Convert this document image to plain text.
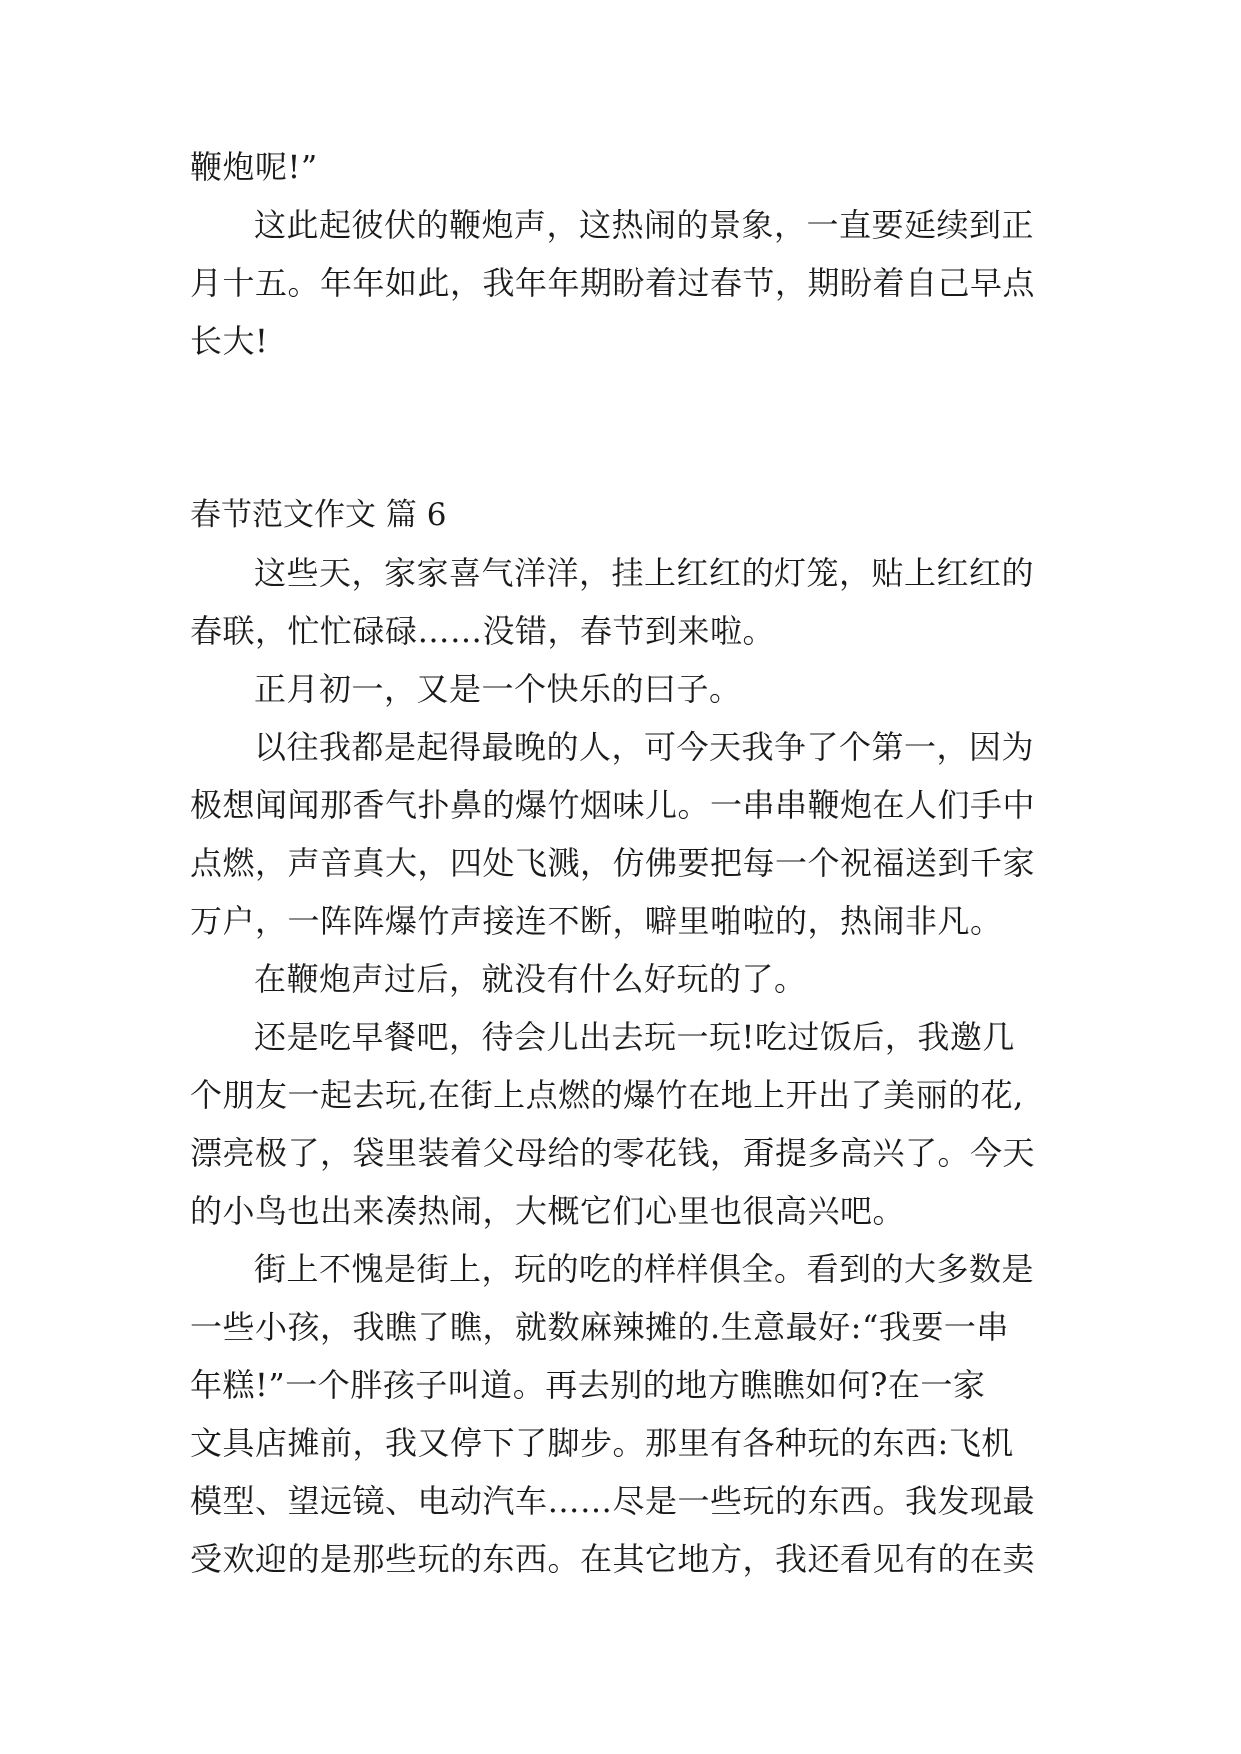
鞭炮呢!”
这此起彼伏的鞭炮声，这热闹的景象，一直要延续到正
月十五。年年如此，我年年期盼着过春节，期盼着自己早点
长大!
春节范文作文 篇 6
这些天，家家喜气洋洋，挂上红红的灯笼，贴上红红的
春联，忙忙碌碌……没错，春节到来啦。
正月初一，又是一个快乐的曰子。
以往我都是起得最晚的人，可今天我争了个第一，因为
极想闻闻那香气扑鼻的爆竹烟味儿。一串串鞭炮在人们手中
点燃，声音真大，四处飞溅，仿佛要把每一个祝福送到千家
万户，一阵阵爆竹声接连不断，噼里啪啦的，热闹非凡。
在鞭炮声过后，就没有什么好玩的了。
还是吃早餐吧，待会儿出去玩一玩!吃过饭后，我邀几
个朋友一起去玩,在街上点燃的爆竹在地上开出了美丽的花,
漂亮极了，袋里装着父母给的零花钱，甭提多高兴了。今天
的小鸟也出来凑热闹，大概它们心里也很高兴吧。
街上不愧是街上，玩的吃的样样俱全。看到的大多数是
一些小孩，我瞧了瞧，就数麻辣摊的.生意最好:“我要一串
年糕!”一个胖孩子叫道。再去别的地方瞧瞧如何?在一家
文具店摊前，我又停下了脚步。那里有各种玩的东西:飞机
模型、望远镜、电动汽车……尽是一些玩的东西。我发现最
受欢迎的是那些玩的东西。在其它地方，我还看见有的在卖
